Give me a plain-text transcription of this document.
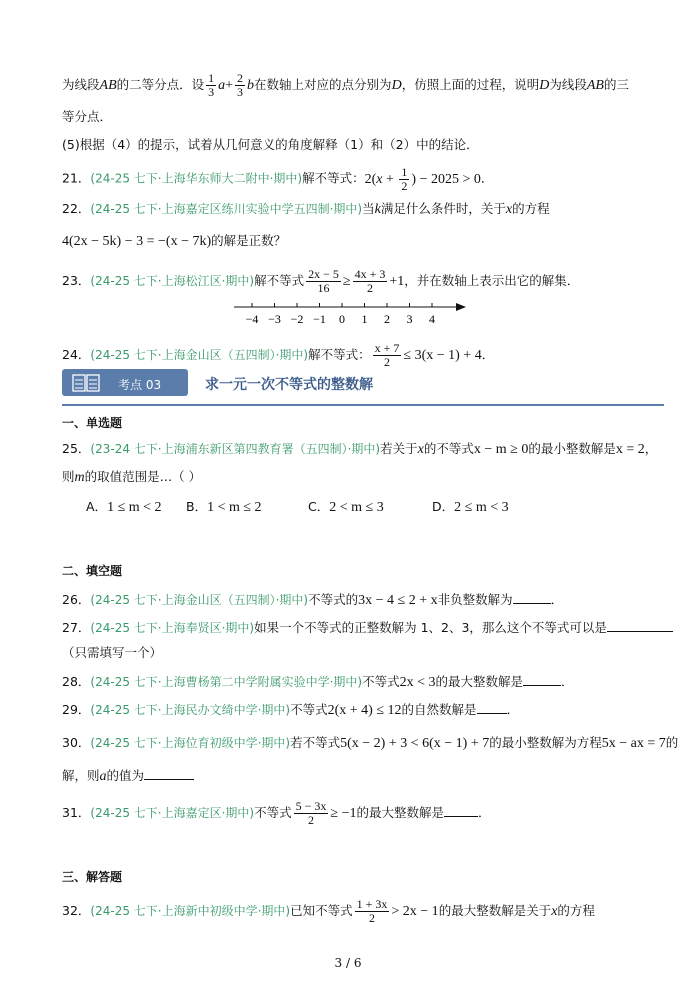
为线段AB的二等分点．设 $\frac{1}{3} a+ \frac{2}{3}$ b在数轴上对应的点分别为D，仿照上面的过程，说明D为线段AB的三
等分点．
(5)根据（4）的提示，试着从几何意义的角度解释（1）和（2）中的结论．
21．(24-25 七下·上海华东师大二附中·期中)解不等式：$2(x + \frac{1}{2}$ ) − 2025 > 0．
22．(24-25 七下·上海嘉定区练川实验中学五四制·期中)当k满足什么条件时，关于x的方程
4(2x − 5k) − 3 = −(x − 7k)的解是正数？
23．(24-25 七下·上海松江区·期中)解不等式 $\frac{2x - 5}{16} \ge \frac{4x + 3}{2} +1$，并在数轴上表示出它的解集．
−4 −3 −2 −1 0 1 2 3 4
24．(24-25 七下·上海金山区（五四制）·期中)解不等式： $\frac{x + 7}{2} \le 3(x - 1) + 4$．
考点 03	求一元一次不等式的整数解
一、单选题
25．(23-24 七下·上海浦东新区第四教育署（五四制）·期中)若关于x的不等式x − m ≥ 0的最小整数解是x = 2，
则m的取值范围是…（ ）
A．1 ≤ m < 2 B．1 < m ≤ 2	C．2 < m ≤ 3	D．2 ≤ m < 3
二、填空题
26．(24-25 七下·上海金山区（五四制）·期中)不等式的3x − 4 ≤ 2 + x非负整数解为	．
27．(24-25 七下·上海奉贤区·期中)如果一个不等式的正整数解为 1、2、3，那么这个不等式可以是
（只需填写一个）
28．(24-25 七下·上海曹杨第二中学附属实验中学·期中)不等式2x < 3的最大整数解是	．
29．(24-25 七下·上海民办文绮中学·期中)不等式2(x + 4) ≤ 12的自然数解是 ．
30．(24-25 七下·上海位育初级中学·期中)若不等式5(x − 2) + 3 < 6(x − 1) + 7的最小整数解为方程5x − ax = 7的
解，则a的值为
31．(24-25 七下·上海嘉定区·期中)不等式 $\frac{5 - 3x}{2} \ge -1$的最大整数解是	．
三、解答题
32．(24-25 七下·上海新中初级中学·期中)已知不等式 $\frac{1 + 3x}{2} > 2x - 1$的最大整数解是关于x的方程
3 / 6
